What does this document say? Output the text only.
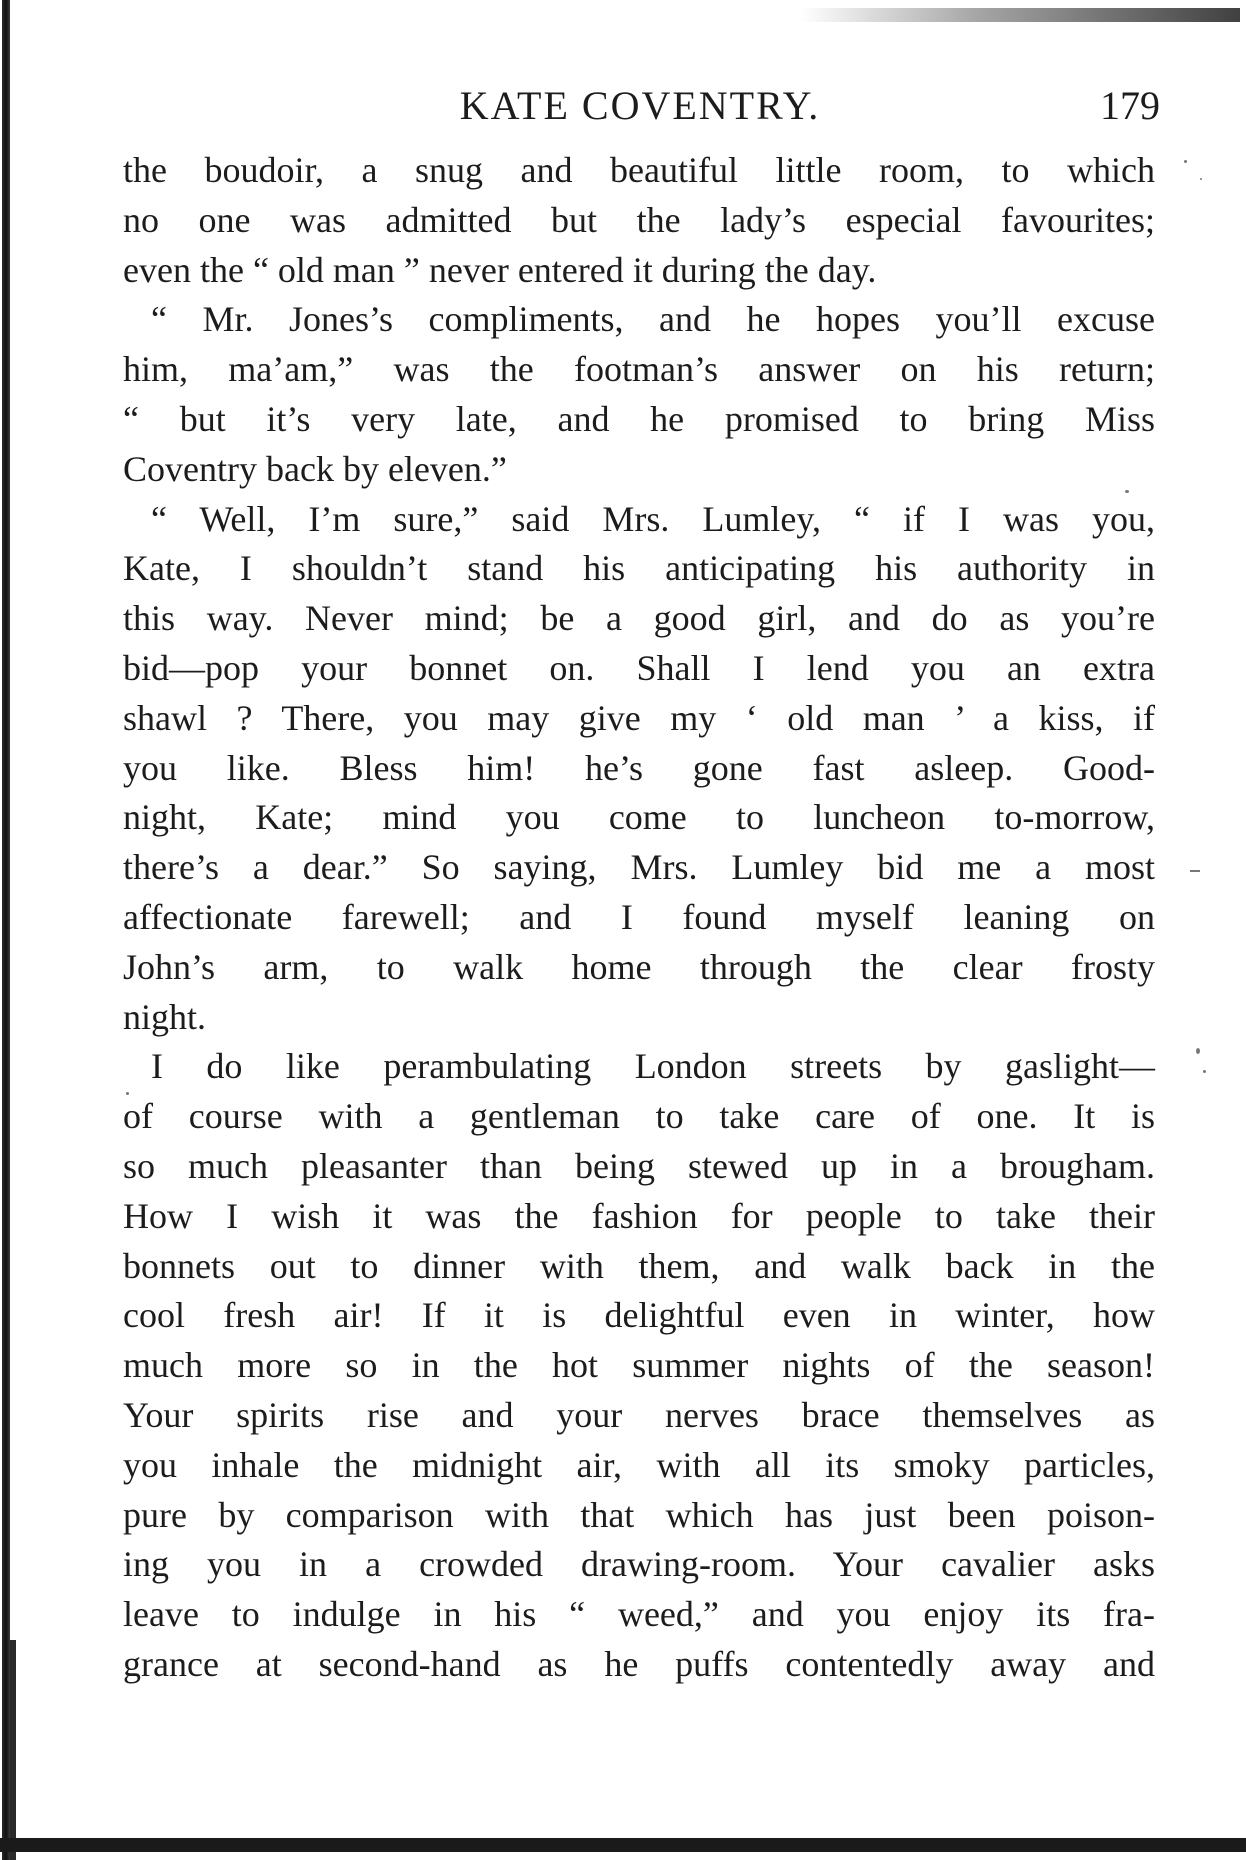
KATE COVENTRY.	179
the boudoir, a snug and beautiful little room, to which
no one was admitted but the lady’s especial favourites;
even the “ old man ” never entered it during the day.
“ Mr. Jones’s compliments, and he hopes you’ll excuse
him, ma’am,” was the footman’s answer on his return;
“ but it’s very late, and he promised to bring Miss
Coventry back by eleven.”
“ Well, I’m sure,” said Mrs. Lumley, “ if I was you,
Kate, I shouldn’t stand his anticipating his authority in
this way. Never mind; be a good girl, and do as you’re
bid—pop your bonnet on. Shall I lend you an extra
shawl ? There, you may give my ‘ old man ’ a kiss, if
you like. Bless him! he’s gone fast asleep. Good-
night, Kate; mind you come to luncheon to-morrow,
there’s a dear.” So saying, Mrs. Lumley bid me a most
affectionate farewell; and I found myself leaning on
John’s arm, to walk home through the clear frosty
night.
I do like perambulating London streets by gaslight—
of course with a gentleman to take care of one. It is
so much pleasanter than being stewed up in a brougham.
How I wish it was the fashion for people to take their
bonnets out to dinner with them, and walk back in the
cool fresh air! If it is delightful even in winter, how
much more so in the hot summer nights of the season!
Your spirits rise and your nerves brace themselves as
you inhale the midnight air, with all its smoky particles,
pure by comparison with that which has just been poison-
ing you in a crowded drawing-room. Your cavalier asks
leave to indulge in his “ weed,” and you enjoy its fra-
grance at second-hand as he puffs contentedly away and
